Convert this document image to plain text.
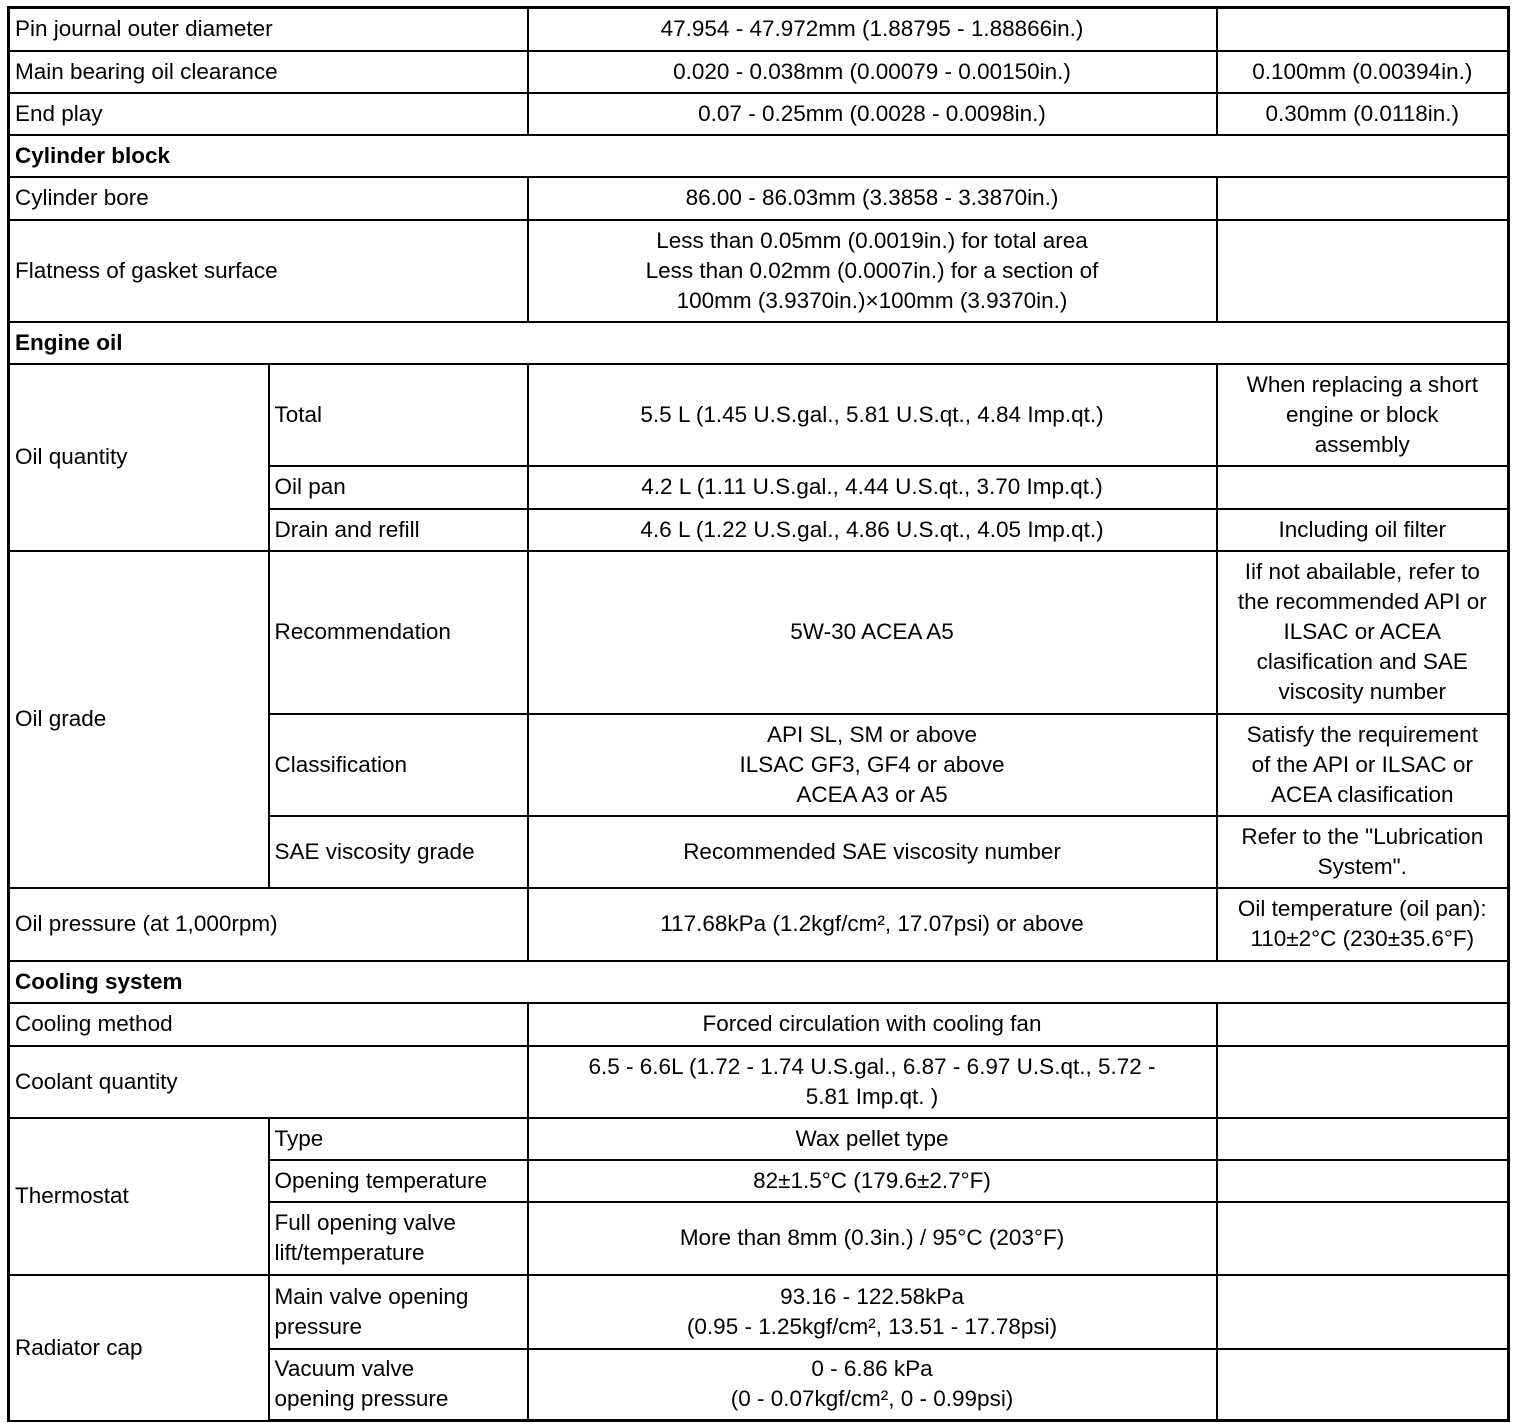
Pin journal outer diameter		47.954 - 47.972mm (1.88795 - 1.88866in.)	
Main bearing oil clearance		0.020 - 0.038mm (0.00079 - 0.00150in.)	0.100mm (0.00394in.)
End play		0.07 - 0.25mm (0.0028 - 0.0098in.)	0.30mm (0.0118in.)
Cylinder block			
Cylinder bore		86.00 - 86.03mm (3.3858 - 3.3870in.)	
Flatness of gasket surface		Less than 0.05mm (0.0019in.) for total area
Less than 0.02mm (0.0007in.) for a section of
100mm (3.9370in.)×100mm (3.9370in.)	
Engine oil			
Oil quantity	Total	5.5 L (1.45 U.S.gal., 5.81 U.S.qt., 4.84 Imp.qt.)	When replacing a short
engine or block
assembly
	Oil pan	4.2 L (1.11 U.S.gal., 4.44 U.S.qt., 3.70 Imp.qt.)	
	Drain and refill	4.6 L (1.22 U.S.gal., 4.86 U.S.qt., 4.05 Imp.qt.)	Including oil filter
Oil grade	Recommendation	5W-30 ACEA A5	Iif not abailable, refer to
the recommended API or
ILSAC or ACEA
clasification and SAE
viscosity number
	Classification	API SL, SM or above
ILSAC GF3, GF4 or above
ACEA A3 or A5	Satisfy the requirement
of the API or ILSAC or
ACEA clasification
	SAE viscosity grade	Recommended SAE viscosity number	Refer to the "Lubrication
System".
Oil pressure (at 1,000rpm)		117.68kPa (1.2kgf/cm², 17.07psi) or above	Oil temperature (oil pan):
110±2°C (230±35.6°F)
Cooling system			
Cooling method		Forced circulation with cooling fan	
Coolant quantity		6.5 - 6.6L (1.72 - 1.74 U.S.gal., 6.87 - 6.97 U.S.qt., 5.72 -
5.81 Imp.qt. )	
Thermostat	Type	Wax pellet type	
	Opening temperature	82±1.5°C (179.6±2.7°F)	
	Full opening valve
lift/temperature	More than 8mm (0.3in.) / 95°C (203°F)	
Radiator cap	Main valve opening
pressure	93.16 - 122.58kPa
(0.95 - 1.25kgf/cm², 13.51 - 17.78psi)	
	Vacuum valve
opening pressure	0 - 6.86 kPa
(0 - 0.07kgf/cm², 0 - 0.99psi)	
